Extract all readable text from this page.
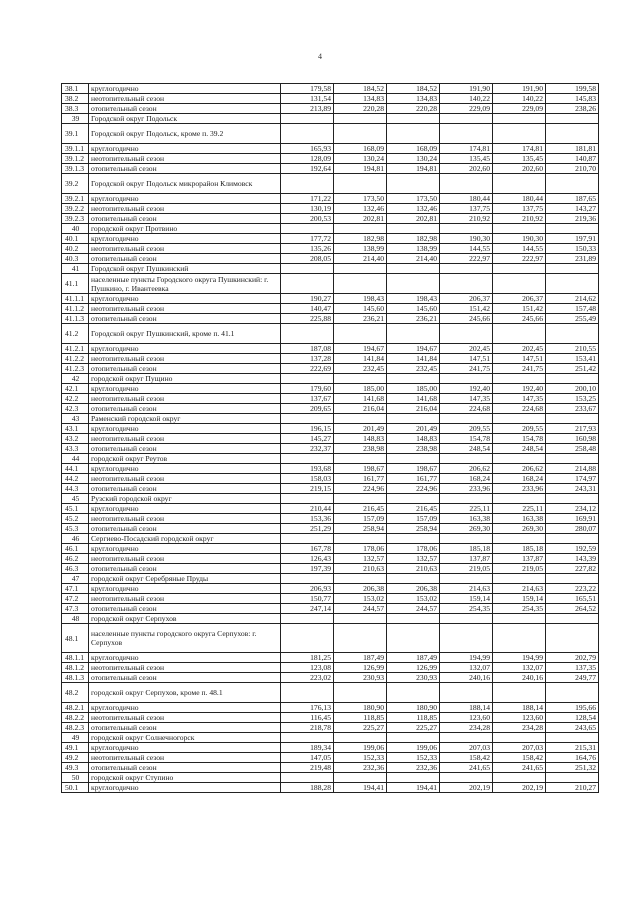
4
38.1	круглогодично	179,58	184,52	184,52	191,90	191,90	199,58
38.2	неотопительный сезон	131,54	134,83	134,83	140,22	140,22	145,83
38.3	отопительный сезон	213,89	220,28	220,28	229,09	229,09	238,26
39	Городской округ Подольск						
39.1	Городской округ Подольск, кроме п. 39.2						
39.1.1	круглогодично	165,93	168,09	168,09	174,81	174,81	181,81
39.1.2	неотопительный сезон	128,09	130,24	130,24	135,45	135,45	140,87
39.1.3	отопительный сезон	192,64	194,81	194,81	202,60	202,60	210,70
39.2	Городской округ Подольск микрорайон Климовск						
39.2.1	круглогодично	171,22	173,50	173,50	180,44	180,44	187,65
39.2.2	неотопительный сезон	130,19	132,46	132,46	137,75	137,75	143,27
39.2.3	отопительный сезон	200,53	202,81	202,81	210,92	210,92	219,36
40	городской округ Протвино						
40.1	круглогодично	177,72	182,98	182,98	190,30	190,30	197,91
40.2	неотопительный сезон	135,26	138,99	138,99	144,55	144,55	150,33
40.3	отопительный сезон	208,05	214,40	214,40	222,97	222,97	231,89
41	Городской округ Пушкинский						
41.1	населенные пункты Городского округа Пушкинский: г. Пушкино, г. Ивантеевка						
41.1.1	круглогодично	190,27	198,43	198,43	206,37	206,37	214,62
41.1.2	неотопительный сезон	140,47	145,60	145,60	151,42	151,42	157,48
41.1.3	отопительный сезон	225,88	236,21	236,21	245,66	245,66	255,49
41.2	Городской округ Пушкинский, кроме п. 41.1						
41.2.1	круглогодично	187,08	194,67	194,67	202,45	202,45	210,55
41.2.2	неотопительный сезон	137,28	141,84	141,84	147,51	147,51	153,41
41.2.3	отопительный сезон	222,69	232,45	232,45	241,75	241,75	251,42
42	городской округ Пущино						
42.1	круглогодично	179,60	185,00	185,00	192,40	192,40	200,10
42.2	неотопительный сезон	137,67	141,68	141,68	147,35	147,35	153,25
42.3	отопительный сезон	209,65	216,04	216,04	224,68	224,68	233,67
43	Раменский городской округ						
43.1	круглогодично	196,15	201,49	201,49	209,55	209,55	217,93
43.2	неотопительный сезон	145,27	148,83	148,83	154,78	154,78	160,98
43.3	отопительный сезон	232,37	238,98	238,98	248,54	248,54	258,48
44	городской округ Реутов						
44.1	круглогодично	193,68	198,67	198,67	206,62	206,62	214,88
44.2	неотопительный сезон	158,03	161,77	161,77	168,24	168,24	174,97
44.3	отопительный сезон	219,15	224,96	224,96	233,96	233,96	243,31
45	Рузский городской округ						
45.1	круглогодично	210,44	216,45	216,45	225,11	225,11	234,12
45.2	неотопительный сезон	153,36	157,09	157,09	163,38	163,38	169,91
45.3	отопительный сезон	251,29	258,94	258,94	269,30	269,30	280,07
46	Сергиево-Посадский городской округ						
46.1	круглогодично	167,78	178,06	178,06	185,18	185,18	192,59
46.2	неотопительный сезон	126,43	132,57	132,57	137,87	137,87	143,39
46.3	отопительный сезон	197,39	210,63	210,63	219,05	219,05	227,82
47	городской округ Серебряные Пруды						
47.1	круглогодично	206,93	206,38	206,38	214,63	214,63	223,22
47.2	неотопительный сезон	150,77	153,02	153,02	159,14	159,14	165,51
47.3	отопительный сезон	247,14	244,57	244,57	254,35	254,35	264,52
48	городской округ Серпухов						
48.1	населенные пункты городского округа Серпухов: г. Серпухов						
48.1.1	круглогодично	181,25	187,49	187,49	194,99	194,99	202,79
48.1.2	неотопительный сезон	123,08	126,99	126,99	132,07	132,07	137,35
48.1.3	отопительный сезон	223,02	230,93	230,93	240,16	240,16	249,77
48.2	городской округ Серпухов, кроме п. 48.1						
48.2.1	круглогодично	176,13	180,90	180,90	188,14	188,14	195,66
48.2.2	неотопительный сезон	116,45	118,85	118,85	123,60	123,60	128,54
48.2.3	отопительный сезон	218,78	225,27	225,27	234,28	234,28	243,65
49	городской округ Солнечногорск						
49.1	круглогодично	189,34	199,06	199,06	207,03	207,03	215,31
49.2	неотопительный сезон	147,05	152,33	152,33	158,42	158,42	164,76
49.3	отопительный сезон	219,48	232,36	232,36	241,65	241,65	251,32
50	городской округ Ступино						
50.1	круглогодично	188,28	194,41	194,41	202,19	202,19	210,27
